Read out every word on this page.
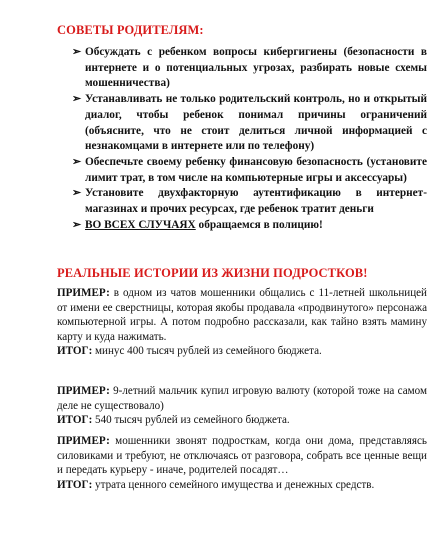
СОВЕТЫ РОДИТЕЛЯМ:
➢ Обсуждать с ребенком вопросы кибергигиены (безопасности в интернете и о потенциальных угрозах, разбирать новые схемы мошенничества)
➢ Устанавливать не только родительский контроль, но и открытый диалог, чтобы ребенок понимал причины ограничений (объясните, что не стоит делиться личной информацией с незнакомцами в интернете или по телефону)
➢ Обеспечьте своему ребенку финансовую безопасность (установите лимит трат, в том числе на компьютерные игры и аксессуары)
➢ Установите двухфакторную аутентификацию в интернет-магазинах и прочих ресурсах, где ребенок тратит деньги
➢ ВО ВСЕХ СЛУЧАЯХ обращаемся в полицию!
РЕАЛЬНЫЕ ИСТОРИИ ИЗ ЖИЗНИ ПОДРОСТКОВ!

ПРИМЕР: в одном из чатов мошенники общались с 11-летней школьницей от имени ее сверстницы, которая якобы продавала «продвинутого» персонажа компьютерной игры. А потом подробно рассказали, как тайно взять мамину карту и куда нажимать.
ИТОГ: минус 400 тысяч рублей из семейного бюджета.

ПРИМЕР: 9-летний мальчик купил игровую валюту (которой тоже на самом деле не существовало)
ИТОГ: 540 тысяч рублей из семейного бюджета.

ПРИМЕР: мошенники звонят подросткам, когда они дома, представляясь силовиками и требуют, не отключаясь от разговора, собрать все ценные вещи и передать курьеру - иначе, родителей посадят…
ИТОГ: утрата ценного семейного имущества и денежных средств.
